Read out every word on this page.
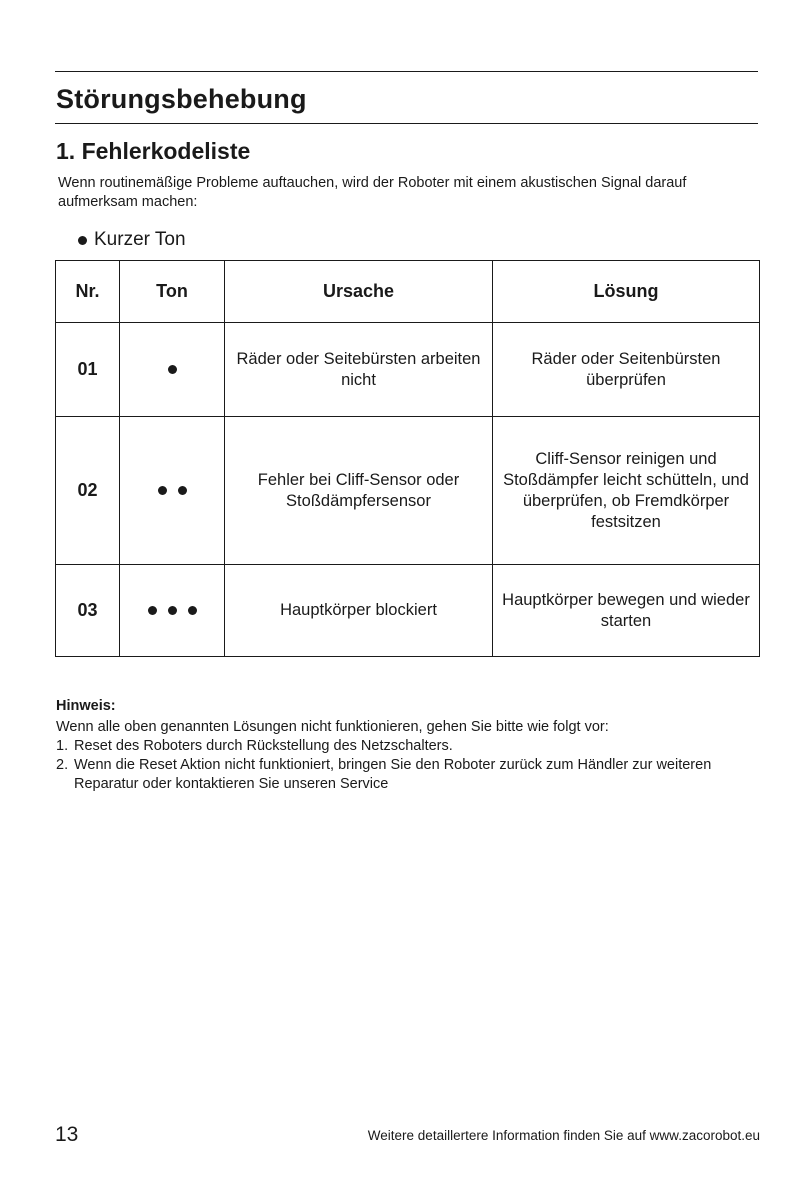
Störungsbehebung
1. Fehlerkodeliste

Wenn routinemäßige Probleme auftauchen, wird der Roboter mit einem akustischen Signal darauf aufmerksam machen:

Kurzer Ton
Nr.	Ton	Ursache	Lösung
01		Räder oder Seitebürsten arbeiten nicht	Räder oder Seitenbürsten überprüfen
02		Fehler bei Cliff-Sensor oder Stoßdämpfersensor	Cliff-Sensor reinigen und Stoßdämpfer leicht schütteln, und überprüfen, ob Fremdkörper festsitzen
03		Hauptkörper blockiert	Hauptkörper bewegen und wieder starten
Hinweis:
Wenn alle oben genannten Lösungen nicht funktionieren, gehen Sie bitte wie folgt vor:
1. Reset des Roboters durch Rückstellung des Netzschalters.
2. Wenn die Reset Aktion nicht funktioniert, bringen Sie den Roboter zurück zum Händler zur weiteren Reparatur oder kontaktieren Sie unseren Service
13	Weitere detaillertere Information finden Sie auf www.zacorobot.eu
